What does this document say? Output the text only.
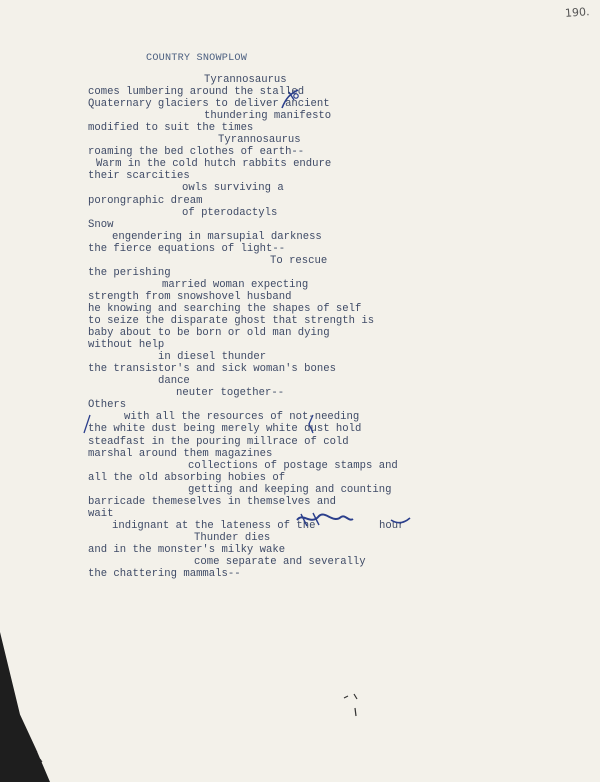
190.
COUNTRY SNOWPLOW
Tyrannosaurus
comes lumbering around the stalled
Quaternary glaciers to deliver ancient
thundering manifesto
modified to suit the times
Tyrannosaurus
roaming the bed clothes of earth--
Warm in the cold hutch rabbits endure
their scarcities
owls surviving a
porongraphic dream
of pterodactyls
Snow
engendering in marsupial darkness
the fierce equations of light--
To rescue
the perishing
married woman expecting
strength from snowshovel husband
he knowing and searching the shapes of self
to seize the disparate ghost that strength is
baby about to be born or old man dying
without help
in diesel thunder
the transistor's and sick woman's bones
dance
neuter together--
Others
with all the resources of not-needing
the white dust being merely white dust hold
steadfast in the pouring millrace of cold
marshal around them magazines
collections of postage stamps and
all the old absorbing hobies of
getting and keeping and counting
barricade themeselves in themselves and
wait
indignant at the lateness of the          hour
Thunder dies
and in the monster's milky wake
come separate and severally
the chattering mammals--
